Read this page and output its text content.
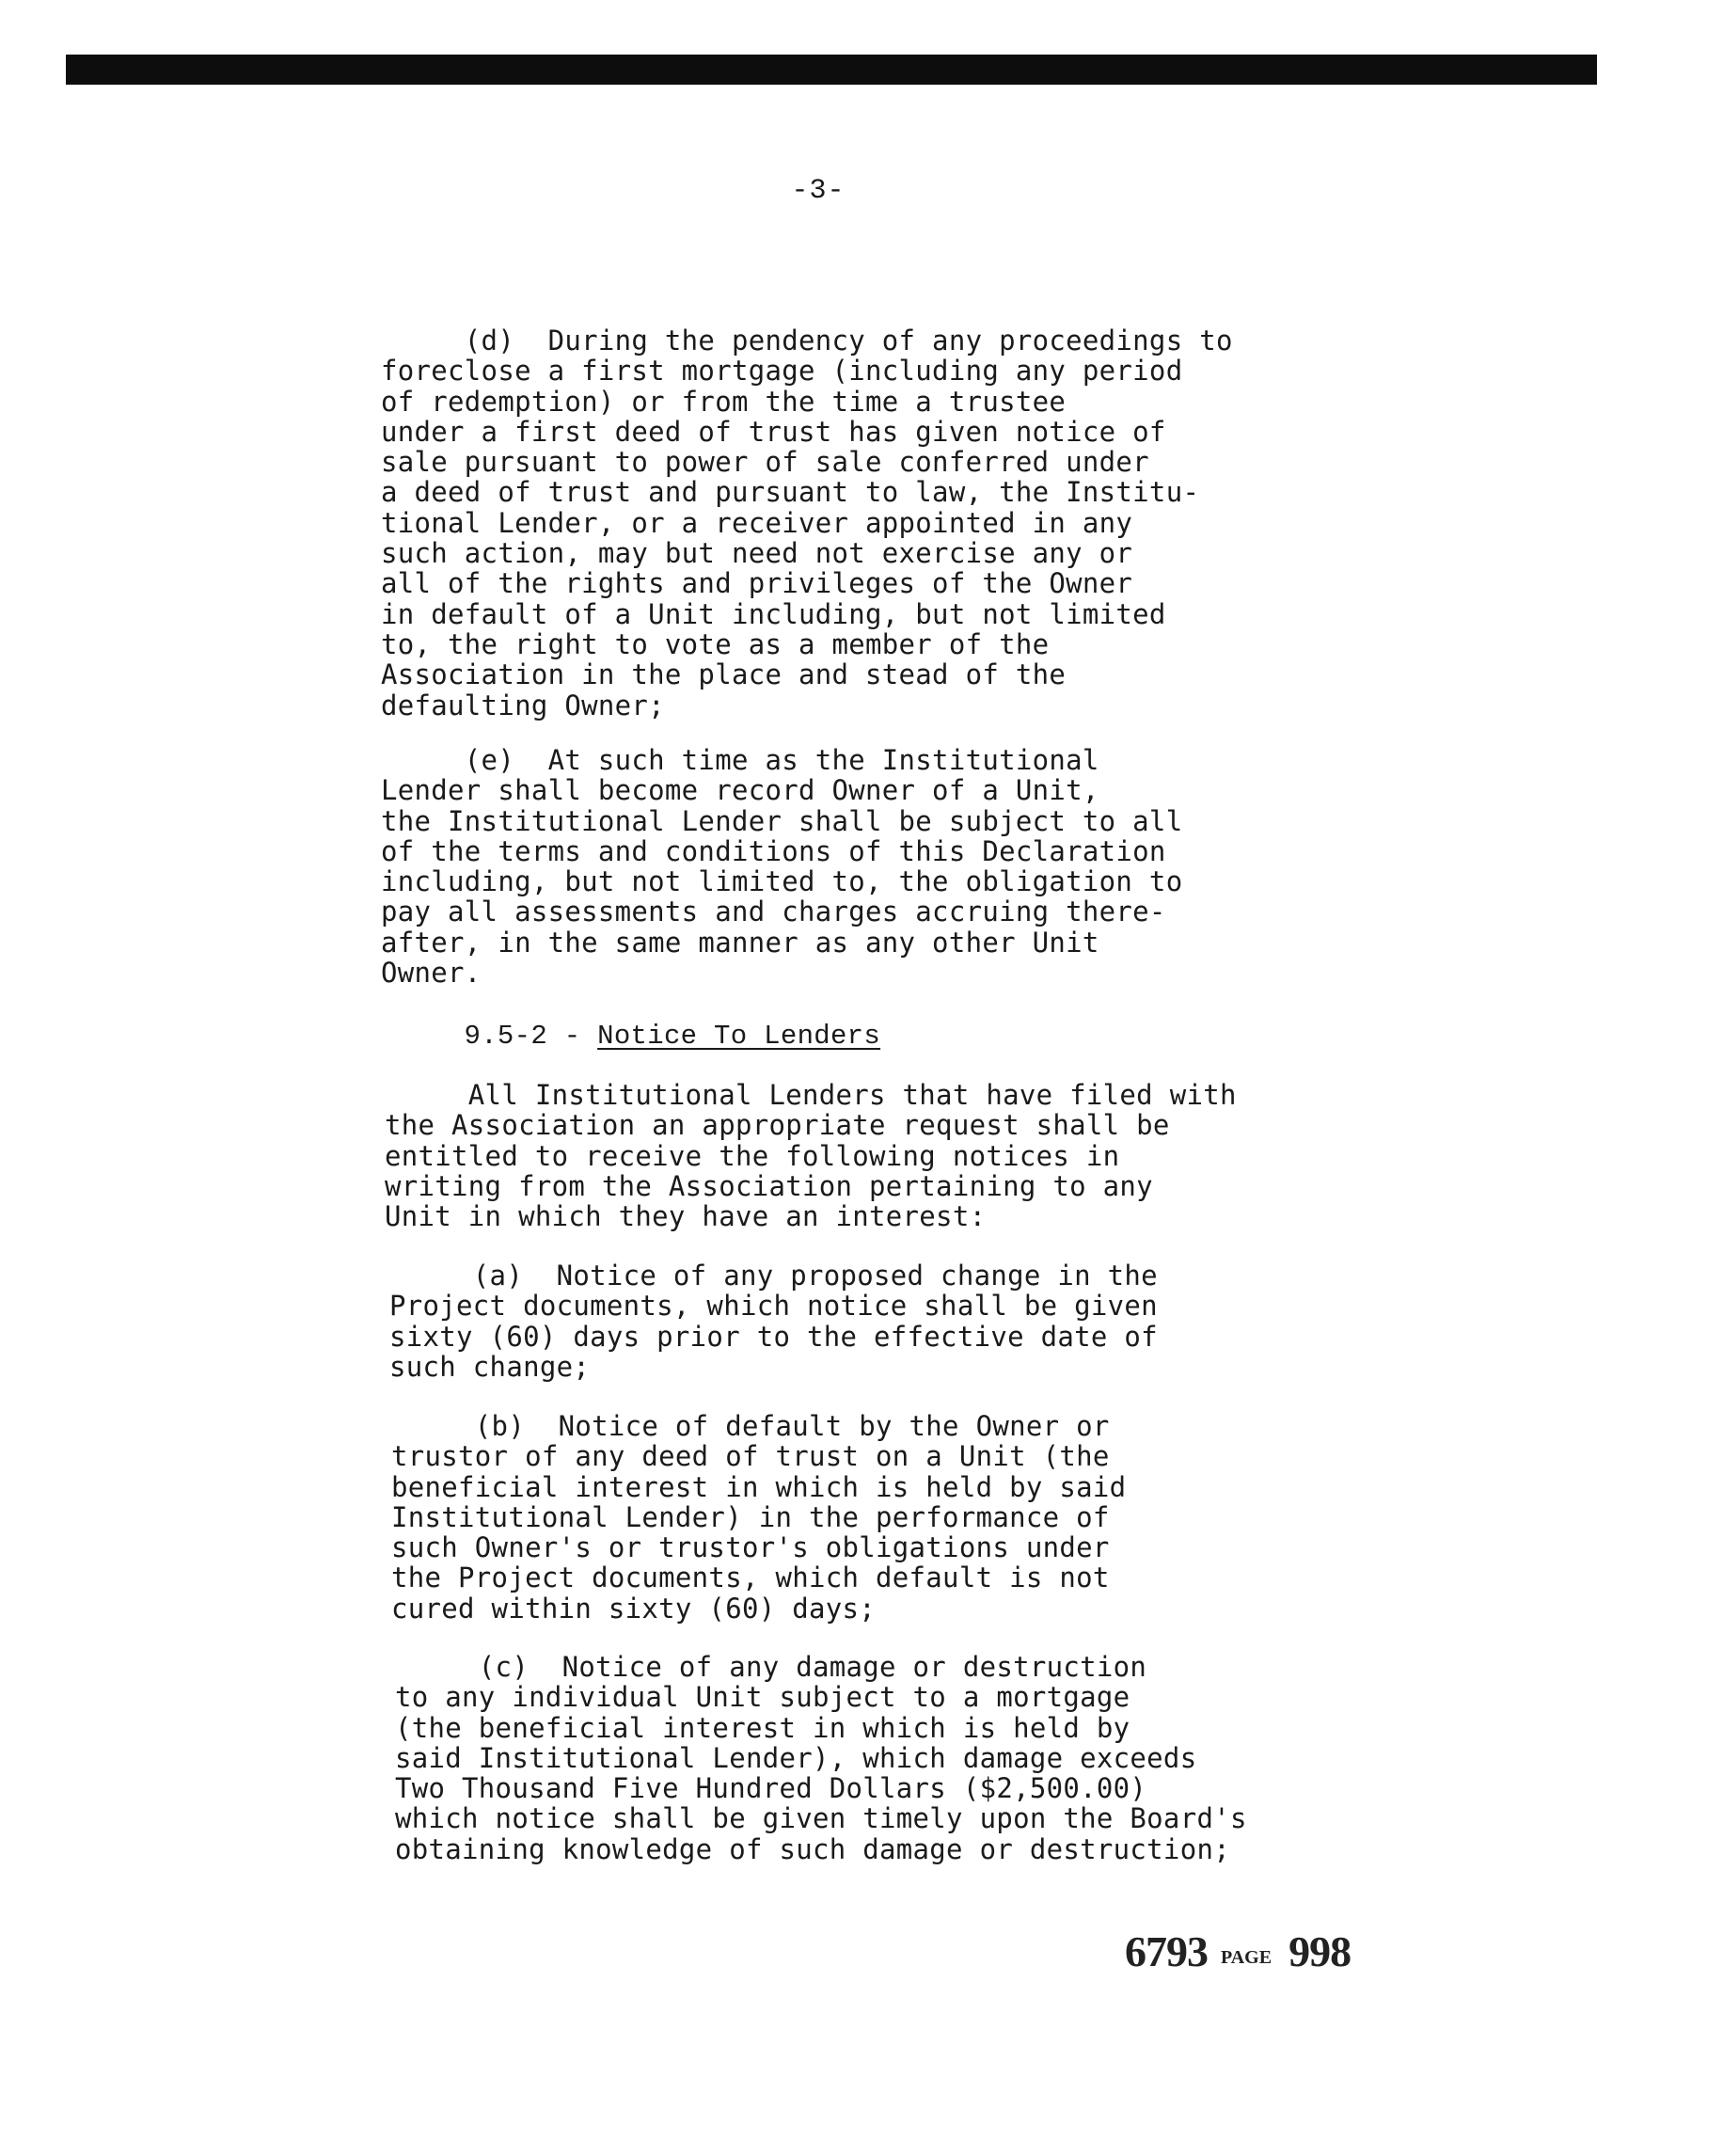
-3-
(d)  During the pendency of any proceedings to
foreclose a first mortgage (including any period
of redemption) or from the time a trustee
under a first deed of trust has given notice of
sale pursuant to power of sale conferred under
a deed of trust and pursuant to law, the Institu-
tional Lender, or a receiver appointed in any
such action, may but need not exercise any or
all of the rights and privileges of the Owner
in default of a Unit including, but not limited
to, the right to vote as a member of the
Association in the place and stead of the
defaulting Owner;
(e)  At such time as the Institutional
Lender shall become record Owner of a Unit,
the Institutional Lender shall be subject to all
of the terms and conditions of this Declaration
including, but not limited to, the obligation to
pay all assessments and charges accruing there-
after, in the same manner as any other Unit
Owner.
9.5-2 - Notice To Lenders
All Institutional Lenders that have filed with
the Association an appropriate request shall be
entitled to receive the following notices in
writing from the Association pertaining to any
Unit in which they have an interest:
(a)  Notice of any proposed change in the
Project documents, which notice shall be given
sixty (60) days prior to the effective date of
such change;
(b)  Notice of default by the Owner or
trustor of any deed of trust on a Unit (the
beneficial interest in which is held by said
Institutional Lender) in the performance of
such Owner's or trustor's obligations under
the Project documents, which default is not
cured within sixty (60) days;
(c)  Notice of any damage or destruction
to any individual Unit subject to a mortgage
(the beneficial interest in which is held by
said Institutional Lender), which damage exceeds
Two Thousand Five Hundred Dollars ($2,500.00)
which notice shall be given timely upon the Board's
obtaining knowledge of such damage or destruction;
6793 PAGE 998
